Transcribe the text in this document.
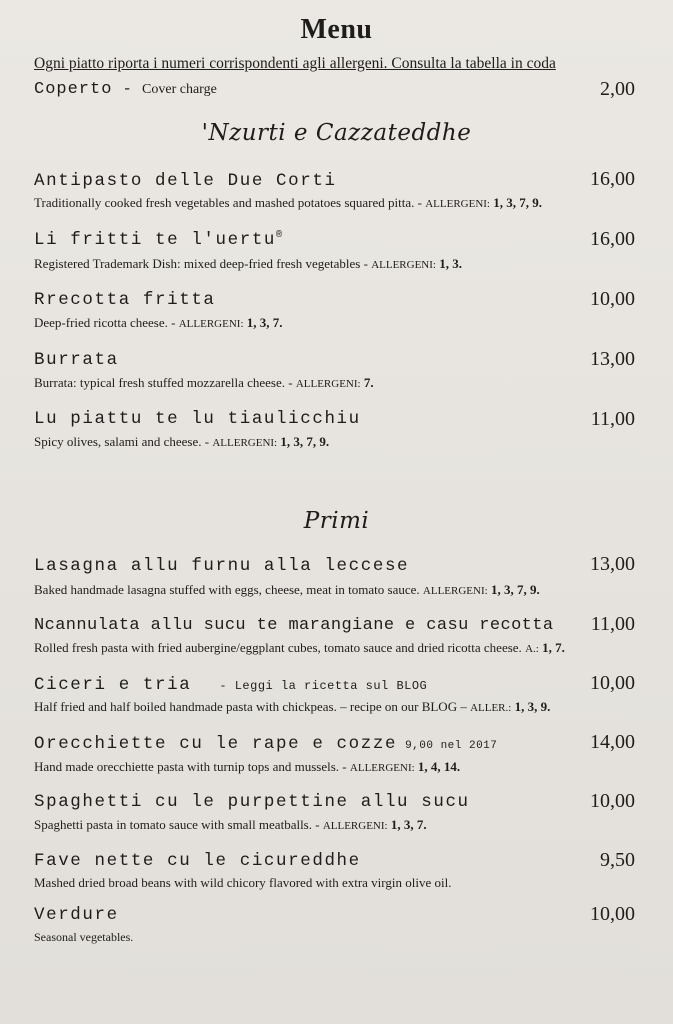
Menu
Ogni piatto riporta i numeri corrispondenti agli allergeni. Consulta la tabella in coda
Coperto - Cover charge	2,00
'Nzurti e Cazzateddhe
Antipasto delle Due Corti	16,00
Traditionally cooked fresh vegetables and mashed potatoes squared pitta. - ALLERGENI: 1, 3, 7, 9.
Li fritti te l'uertu®	16,00
Registered Trademark Dish: mixed deep-fried fresh vegetables - ALLERGENI: 1, 3.
Rrecotta fritta	10,00
Deep-fried ricotta cheese. - ALLERGENI: 1, 3, 7.
Burrata	13,00
Burrata: typical fresh stuffed mozzarella cheese. - ALLERGENI: 7.
Lu piattu te lu tiaulicchiu	11,00
Spicy olives, salami and cheese. - ALLERGENI: 1, 3, 7, 9.
Primi
Lasagna allu furnu alla leccese	13,00
Baked handmade lasagna stuffed with eggs, cheese, meat in tomato sauce. ALLERGENI: 1, 3, 7, 9.
Ncannulata allu sucu te marangiane e casu recotta 11,00
Rolled fresh pasta with fried aubergine/eggplant cubes, tomato sauce and dried ricotta cheese. A.: 1, 7.
Ciceri e tria - Leggi la ricetta sul BLOG	10,00
Half fried and half boiled handmade pasta with chickpeas. – recipe on our BLOG – ALLER.: 1, 3, 9.
Orecchiette cu le rape e cozze 9,00 nel 2017	14,00
Hand made orecchiette pasta with turnip tops and mussels. - ALLERGENI: 1, 4, 14.
Spaghetti cu le purpettine allu sucu	10,00
Spaghetti pasta in tomato sauce with small meatballs. - ALLERGENI: 1, 3, 7.
Fave nette cu le cicureddhe	9,50
Mashed dried broad beans with wild chicory flavored with extra virgin olive oil.
Verdure	10,00
Seasonal vegetables.
